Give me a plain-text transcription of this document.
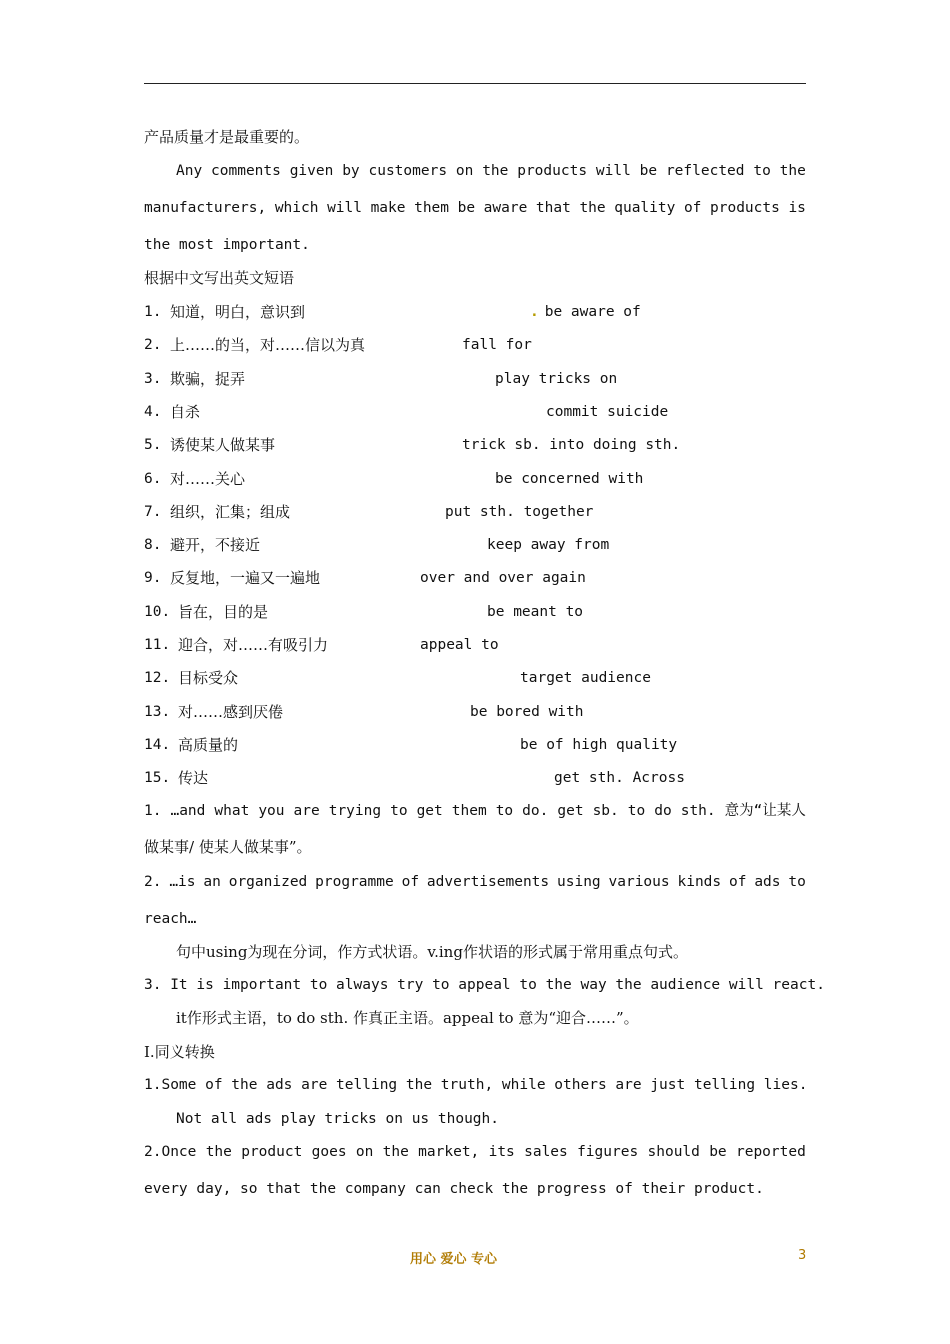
产品质量才是最重要的。
Any comments given by customers on the products will be reflected to the
manufacturers, which will make them be aware that the quality of products is
the most important.
根据中文写出英文短语
1. 知道，明白，意识到	. be aware of
2. 上……的当，对……信以为真	fall for
3. 欺骗，捉弄	play tricks on
4. 自杀	commit suicide
5. 诱使某人做某事	trick sb. into doing sth.
6. 对……关心	be concerned with
7. 组织，汇集；组成	put sth. together
8. 避开，不接近	keep away from
9. 反复地，一遍又一遍地	over and over again
10. 旨在，目的是	be meant to
11. 迎合，对……有吸引力	appeal to
12. 目标受众	target audience
13. 对……感到厌倦	be bored with
14. 高质量的	be of high quality
15. 传达	get sth. Across
1. …and what you are trying to get them to do. get sb. to do sth. 意为“让某人
做某事/ 使某人做某事”。
2. …is an organized programme of advertisements using various kinds of ads to
reach…
句中using为现在分词，作方式状语。v.ing作状语的形式属于常用重点句式。
3. It is important to always try to appeal to the way the audience will react.
it作形式主语，to do sth. 作真正主语。appeal to 意为“迎合……”。
Ⅰ.同义转换
1.Some of the ads are telling the truth, while others are just telling lies.
Not all ads play tricks on us though.
2.Once the product goes on the market, its sales figures should be reported
every day, so that the company can check the progress of their product.
用心 爱心 专心	3
